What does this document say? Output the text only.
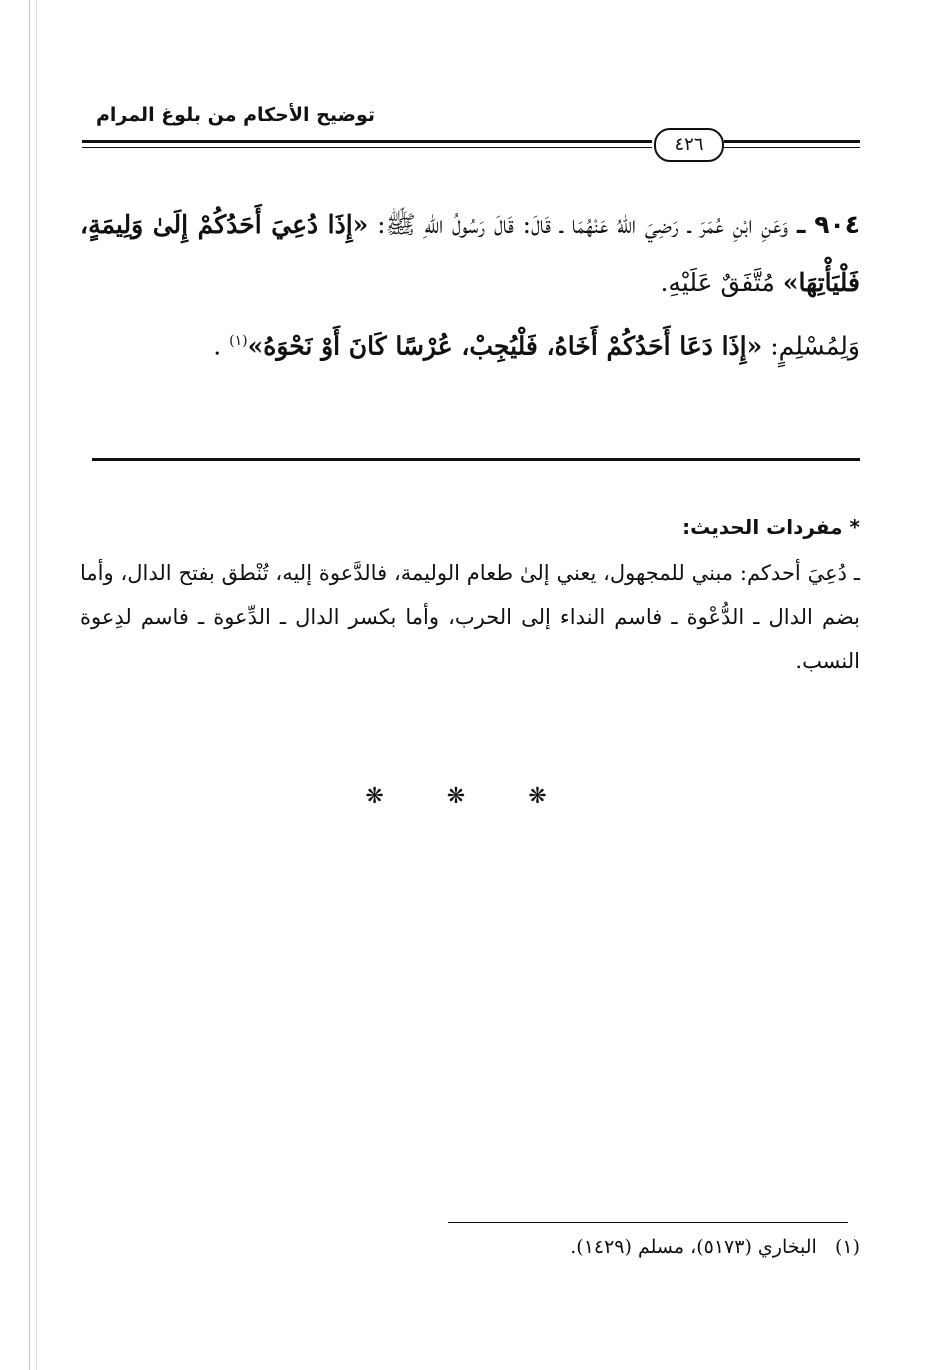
توضيح الأحكام من بلوغ المرام
٤٢٦

٩٠٤ ـ وَعَنِ ابْنِ عُمَرَ ـ رَضِيَ اللهُ عَنْهُمَا ـ قَالَ: قَالَ رَسُولُ اللهِ ﷺ: «إِذَا دُعِيَ أَحَدُكُمْ إِلَىٰ وَلِيمَةٍ، فَلْيَأْتِهَا» مُتَّفَقٌ عَلَيْهِ.

وَلِمُسْلِمٍ: «إِذَا دَعَا أَحَدُكُمْ أَخَاهُ، فَلْيُجِبْ، عُرْسًا كَانَ أَوْ نَحْوَهُ»$^{(١)}$ .

* مفردات الحديث:

ـ دُعِيَ أحدكم: مبني للمجهول، يعني إلىٰ طعام الوليمة، فالدَّعوة إليه، تُنْطق بفتح الدال، وأما بضم الدال ـ الدُّعْوة ـ فاسم النداء إلى الحرب، وأما بكسر الدال ـ الدِّعوة ـ فاسم لدِعوة النسب.

❋ ❋ ❋
(١)   البخاري (٥١٧٣)، مسلم (١٤٢٩).
